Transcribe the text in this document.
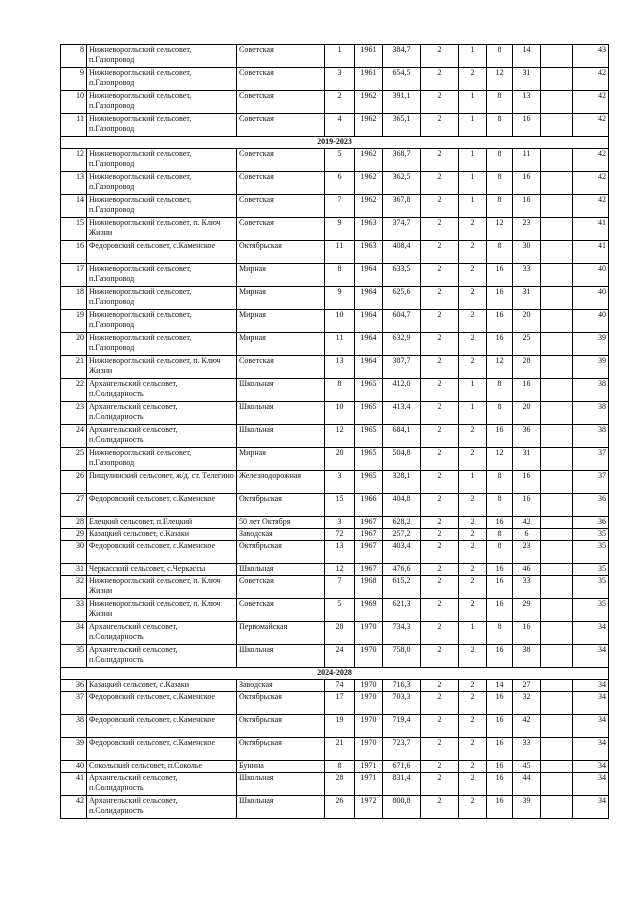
8	Нижневорогльский сельсовет, п.Газопровод	Советская	1	1961	384,7	2	1	8	14		43
9	Нижневорогльский сельсовет, п.Газопровод	Советская	3	1961	654,5	2	2	12	31		42
10	Нижневорогльский сельсовет, п.Газопровод	Советская	2	1962	391,1	2	1	8	13		42
11	Нижневорогльский сельсовет, п.Газопровод	Советская	4	1962	365,1	2	1	8	16		42
2019-2023											
12	Нижневорогльский сельсовет, п.Газопровод	Советская	5	1962	368,7	2	1	8	11		42
13	Нижневорогльский сельсовет, п.Газопровод	Советская	6	1962	362,5	2	1	8	16		42
14	Нижневорогльский сельсовет, п.Газопровод	Советская	7	1962	367,8	2	1	8	16		42
15	Нижневорогльский сельсовет, п. Ключ Жизни	Советская	9	1963	374,7	2	2	12	23		41
16	Федоровский сельсовет, с.Каменское	Октябрьская	11	1963	408,4	2	2	8	30		41
17	Нижневорогльский сельсовет, п.Газопровод	Мирная	8	1964	633,5	2	2	16	33		40
18	Нижневорогльский сельсовет, п.Газопровод	Мирная	9	1964	625,6	2	2	16	31		40
19	Нижневорогльский сельсовет, п.Газопровод	Мирная	10	1964	604,7	2	2	16	20		40
20	Нижневорогльский сельсовет, п.Газопровод	Мирная	11	1964	632,9	2	2	16	25		39
21	Нижневорогльский сельсовет, п. Ключ Жизни	Советская	13	1964	387,7	2	2	12	28		39
22	Архангельский сельсовет, п.Солидарность	Школьная	8	1965	412,0	2	1	8	16		38
23	Архангельский сельсовет, п.Солидарность	Школьная	10	1965	413,4	2	1	8	20		38
24	Архангельский сельсовет, п.Солидарность	Школьная	12	1965	684,1	2	2	16	36		38
25	Нижневорогльский сельсовет, п.Газопровод	Мирная	20	1965	504,8	2	2	12	31		37
26	Пищулинский сельсовет, ж/д. ст. Телегино	Железнодорожная	3	1965	328,1	2	1	8	16		37
27	Федоровский сельсовет, с.Каменское	Октябрьская	15	1966	404,8	2	2	8	16		36
28	Елецкий сельсовет, п.Елецкий	50 лет Октября	3	1967	628,2	2	2	16	42		36
29	Казацкий сельсовет, с.Казаки	Заводская	72	1967	257,2	2	2	8	6		35
30	Федоровский сельсовет, с.Каменское	Октябрьская	13	1967	403,4	2	2	8	23		35
31	Черкасский сельсовет, с.Черкассы	Школьная	12	1967	476,6	2	2	16	46		35
32	Нижневорогльский сельсовет, п. Ключ Жизни	Советская	7	1968	615,2	2	2	16	33		35
33	Нижневорогльский сельсовет, п. Ключ Жизни	Советская	5	1969	621,3	2	2	16	29		35
34	Архангельский сельсовет, п.Солидарность	Первомайская	28	1970	734,3	2	1	8	16		34
35	Архангельский сельсовет, п.Солидарность	Школьная	24	1970	758,0	2	2	16	38		34
2024-2028											
36	Казацкий сельсовет, с.Казаки	Заводская	74	1970	716,3	2	2	14	27		34
37	Федоровский сельсовет, с.Каменское	Октябрьская	17	1970	703,3	2	2	16	32		34
38	Федоровский сельсовет, с.Каменское	Октябрьская	19	1970	719,4	2	2	16	42		34
39	Федоровский сельсовет, с.Каменское	Октябрьская	21	1970	723,7	2	2	16	33		34
40	Сокольский сельсовет, п.Соколье	Бунина	8	1971	671,6	2	2	16	45		34
41	Архангельский сельсовет, п.Солидарность	Школьная	28	1971	831,4	2	2	16	44		34
42	Архангельский сельсовет, п.Солидарность	Школьная	26	1972	800,8	2	2	16	39		34
